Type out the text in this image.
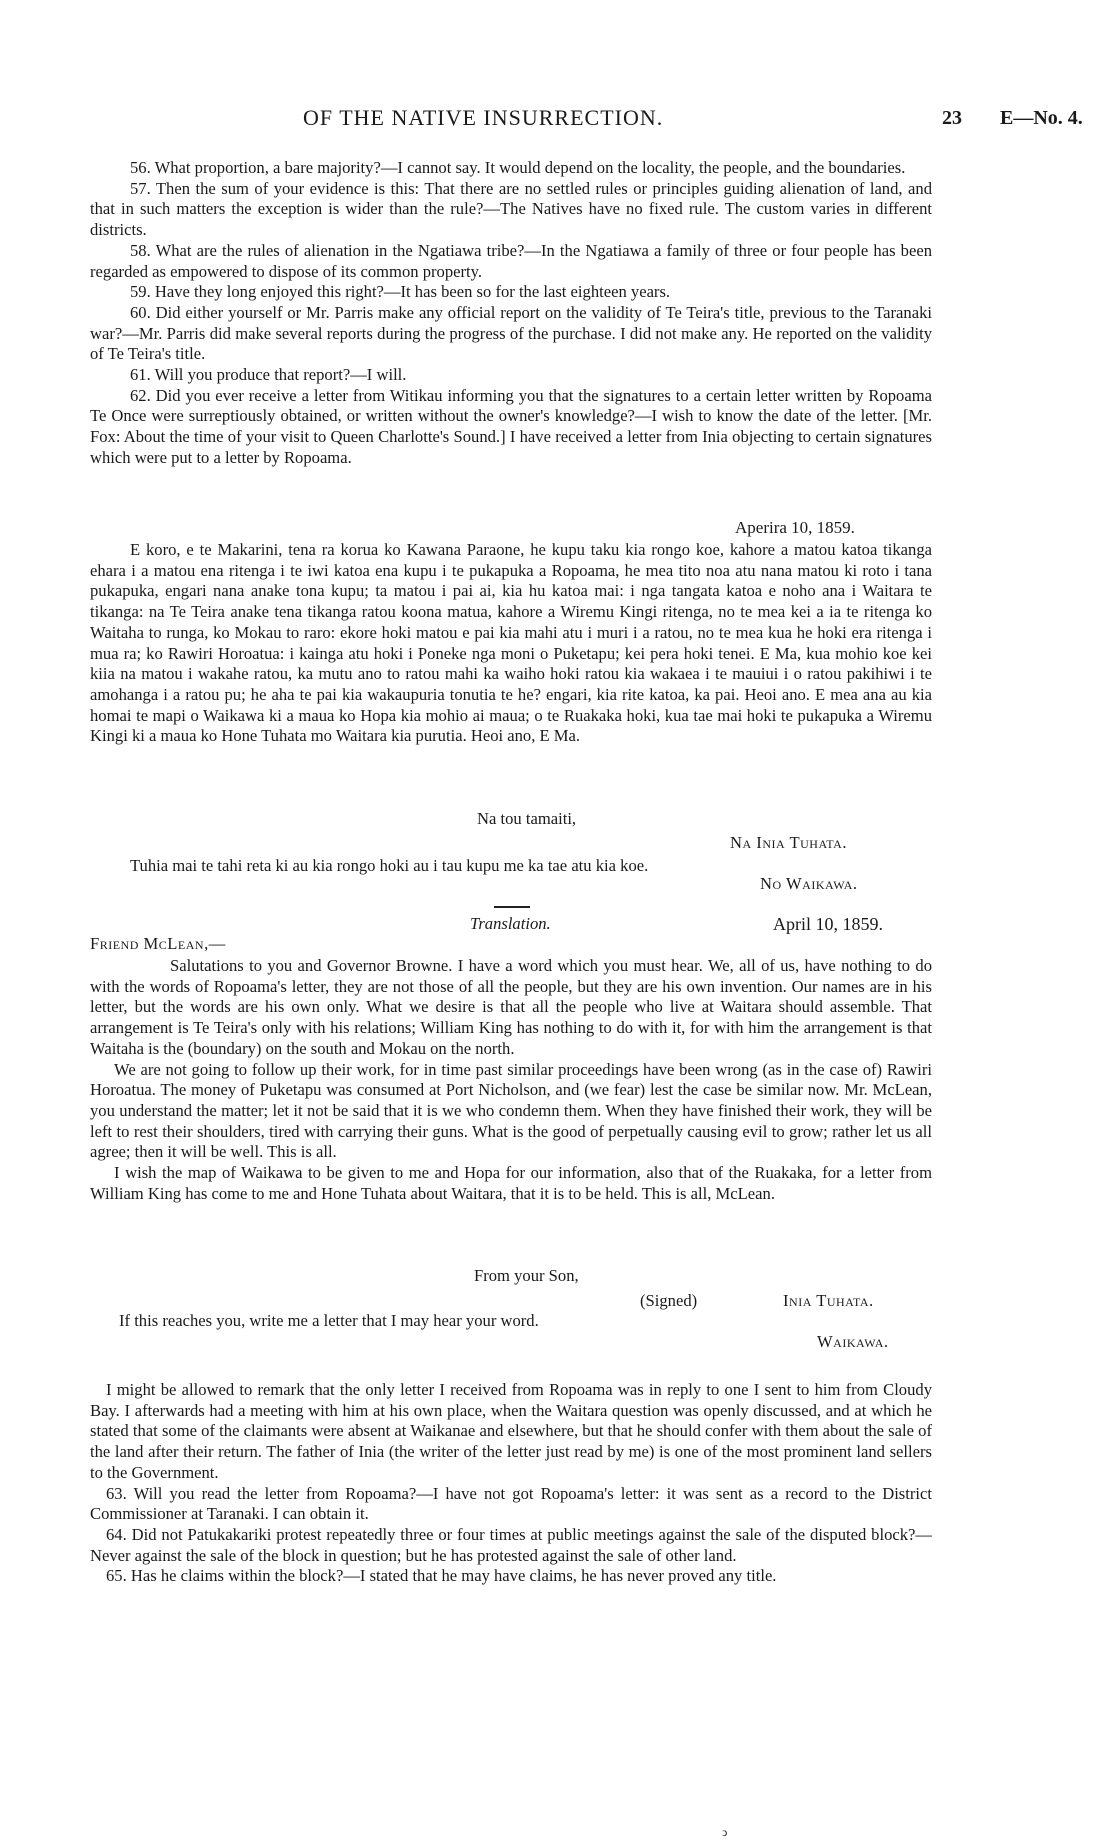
OF THE NATIVE INSURRECTION.	23 E—No. 4.

56. What proportion, a bare majority?—I cannot say. It would depend on the locality, the people, and the boundaries.

57. Then the sum of your evidence is this: That there are no settled rules or principles guiding alienation of land, and that in such matters the exception is wider than the rule?—The Natives have no fixed rule. The custom varies in different districts.

58. What are the rules of alienation in the Ngatiawa tribe?—In the Ngatiawa a family of three or four people has been regarded as empowered to dispose of its common property.

59. Have they long enjoyed this right?—It has been so for the last eighteen years.

60. Did either yourself or Mr. Parris make any official report on the validity of Te Teira's title, previous to the Taranaki war?—Mr. Parris did make several reports during the progress of the purchase. I did not make any. He reported on the validity of Te Teira's title.

61. Will you produce that report?—I will.

62. Did you ever receive a letter from Witikau informing you that the signatures to a certain letter written by Ropoama Te Once were surreptiously obtained, or written without the owner's knowledge?—I wish to know the date of the letter. [Mr. Fox: About the time of your visit to Queen Charlotte's Sound.] I have received a letter from Inia objecting to certain signatures which were put to a letter by Ropoama.

Aperira 10, 1859.

E koro, e te Makarini, tena ra korua ko Kawana Paraone, he kupu taku kia rongo koe, kahore a matou katoa tikanga ehara i a matou ena ritenga i te iwi katoa ena kupu i te pukapuka a Ropoama, he mea tito noa atu nana matou ki roto i tana pukapuka, engari nana anake tona kupu; ta matou i pai ai, kia hu katoa mai: i nga tangata katoa e noho ana i Waitara te tikanga: na Te Teira anake tena tikanga ratou koona matua, kahore a Wiremu Kingi ritenga, no te mea kei a ia te ritenga ko Waitaha to runga, ko Mokau to raro: ekore hoki matou e pai kia mahi atu i muri i a ratou, no te mea kua he hoki era ritenga i mua ra; ko Rawiri Horoatua: i kainga atu hoki i Poneke nga moni o Puketapu; kei pera hoki tenei. E Ma, kua mohio koe kei kiia na matou i wakahe ratou, ka mutu ano to ratou mahi ka waiho hoki ratou kia wakaea i te mauiui i o ratou pakihiwi i te amohanga i a ratou pu; he aha te pai kia wakaupuria tonutia te he? engari, kia rite katoa, ka pai. Heoi ano. E mea ana au kia homai te mapi o Waikawa ki a maua ko Hopa kia mohio ai maua; o te Ruakaka hoki, kua tae mai hoki te pukapuka a Wiremu Kingi ki a maua ko Hone Tuhata mo Waitara kia purutia. Heoi ano, E Ma.

Na tou tamaiti,
Na Inia Tuhata.
Tuhia mai te tahi reta ki au kia rongo hoki au i tau kupu me ka tae atu kia koe.
No Waikawa.
Translation.	April 10, 1859.
Friend McLean,—

Salutations to you and Governor Browne. I have a word which you must hear. We, all of us, have nothing to do with the words of Ropoama's letter, they are not those of all the people, but they are his own invention. Our names are in his letter, but the words are his own only. What we desire is that all the people who live at Waitara should assemble. That arrangement is Te Teira's only with his relations; William King has nothing to do with it, for with him the arrangement is that Waitaha is the (boundary) on the south and Mokau on the north.

We are not going to follow up their work, for in time past similar proceedings have been wrong (as in the case of) Rawiri Horoatua. The money of Puketapu was consumed at Port Nicholson, and (we fear) lest the case be similar now. Mr. McLean, you understand the matter; let it not be said that it is we who condemn them. When they have finished their work, they will be left to rest their shoulders, tired with carrying their guns. What is the good of perpetually causing evil to grow; rather let us all agree; then it will be well. This is all.

I wish the map of Waikawa to be given to me and Hopa for our information, also that of the Ruakaka, for a letter from William King has come to me and Hone Tuhata about Waitara, that it is to be held. This is all, McLean.

From your Son,
(Signed)	Inia Tuhata.
If this reaches you, write me a letter that I may hear your word.
Waikawa.

I might be allowed to remark that the only letter I received from Ropoama was in reply to one I sent to him from Cloudy Bay. I afterwards had a meeting with him at his own place, when the Waitara question was openly discussed, and at which he stated that some of the claimants were absent at Waikanae and elsewhere, but that he should confer with them about the sale of the land after their return. The father of Inia (the writer of the letter just read by me) is one of the most prominent land sellers to the Government.

63. Will you read the letter from Ropoama?—I have not got Ropoama's letter: it was sent as a record to the District Commissioner at Taranaki. I can obtain it.

64. Did not Patukakariki protest repeatedly three or four times at public meetings against the sale of the disputed block?—Never against the sale of the block in question; but he has protested against the sale of other land.

65. Has he claims within the block?—I stated that he may have claims, he has never proved any title.

ↄ
